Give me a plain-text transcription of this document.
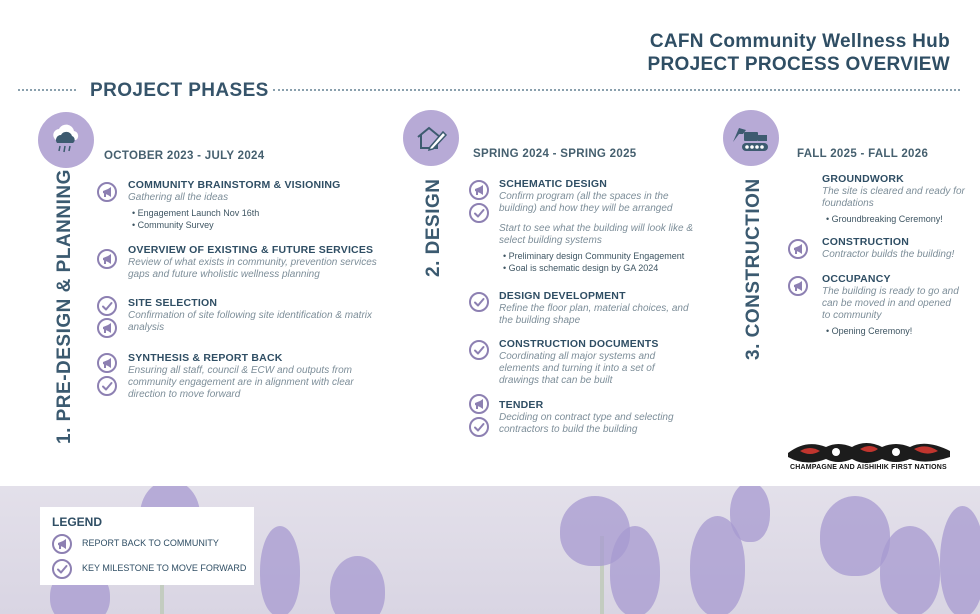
CAFN Community Wellness Hub
PROJECT PROCESS OVERVIEW
PROJECT PHASES
OCTOBER 2023 - JULY 2024
1. PRE-DESIGN & PLANNING	COMMUNITY BRAINSTORM & VISIONING
Gathering all the ideas
• Engagement Launch Nov 16th
• Community Survey
OVERVIEW OF EXISTING & FUTURE SERVICES
Review of what exists in community, prevention services gaps and future wholistic wellness planning
SITE SELECTION
Confirmation of site following site identification & matrix analysis
SYNTHESIS & REPORT BACK
Ensuring all staff, council & ECW and outputs from community engagement are in alignment with clear direction to move forward
SPRING 2024 - SPRING 2025
2. DESIGN	SCHEMATIC DESIGN
Confirm program (all the spaces in the building) and how they will be arranged
Start to see what the building will look like & select building systems
• Preliminary design Community Engagement
• Goal is schematic design by GA 2024
DESIGN DEVELOPMENT
Refine the floor plan, material choices, and the building shape
CONSTRUCTION DOCUMENTS
Coordinating all major systems and elements and turning it into a set of drawings that can be built
TENDER
Deciding on contract type and selecting contractors to build the building
FALL 2025 - FALL 2026
3. CONSTRUCTION	GROUNDWORK
The site is cleared and ready for foundations
• Groundbreaking Ceremony!
CONSTRUCTION
Contractor builds the building!
OCCUPANCY
The building is ready to go and can be moved in and opened to community
• Opening Ceremony!
CHAMPAGNE AND AISHIHIK FIRST NATIONS
LEGEND
REPORT BACK TO COMMUNITY
KEY MILESTONE TO MOVE FORWARD
